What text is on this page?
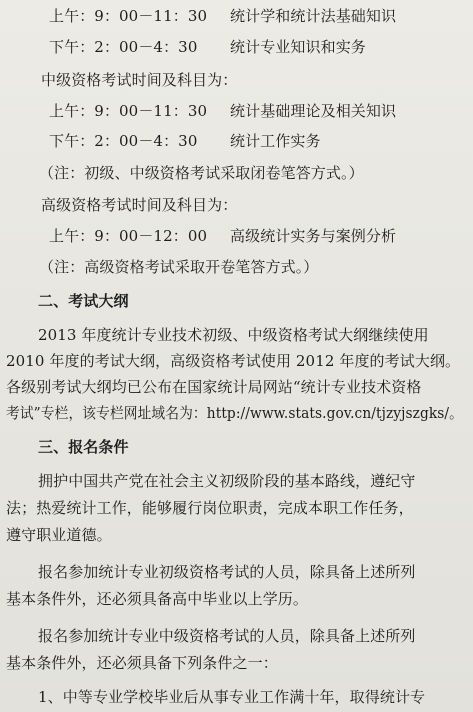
上午：9：00－11：30 统计学和统计法基础知识
下午：2：00－4：30 统计专业知识和实务
中级资格考试时间及科目为：
上午：9：00－11：30 统计基础理论及相关知识
下午：2：00－4：30 统计工作实务
（注：初级、中级资格考试采取闭卷笔答方式。）
高级资格考试时间及科目为：
上午：9：00－12：00 高级统计实务与案例分析
（注：高级资格考试采取开卷笔答方式。）
二、考试大纲
2013 年度统计专业技术初级、中级资格考试大纲继续使用
2010 年度的考试大纲，高级资格考试使用 2012 年度的考试大纲。
各级别考试大纲均已公布在国家统计局网站“统计专业技术资格
考试”专栏，该专栏网址域名为：http://www.stats.gov.cn/tjzyjszgks/。
三、报名条件
拥护中国共产党在社会主义初级阶段的基本路线，遵纪守
法；热爱统计工作，能够履行岗位职责，完成本职工作任务，
遵守职业道德。
报名参加统计专业初级资格考试的人员，除具备上述所列
基本条件外，还必须具备高中毕业以上学历。
报名参加统计专业中级资格考试的人员，除具备上述所列
基本条件外，还必须具备下列条件之一：
1、中等专业学校毕业后从事专业工作满十年，取得统计专
